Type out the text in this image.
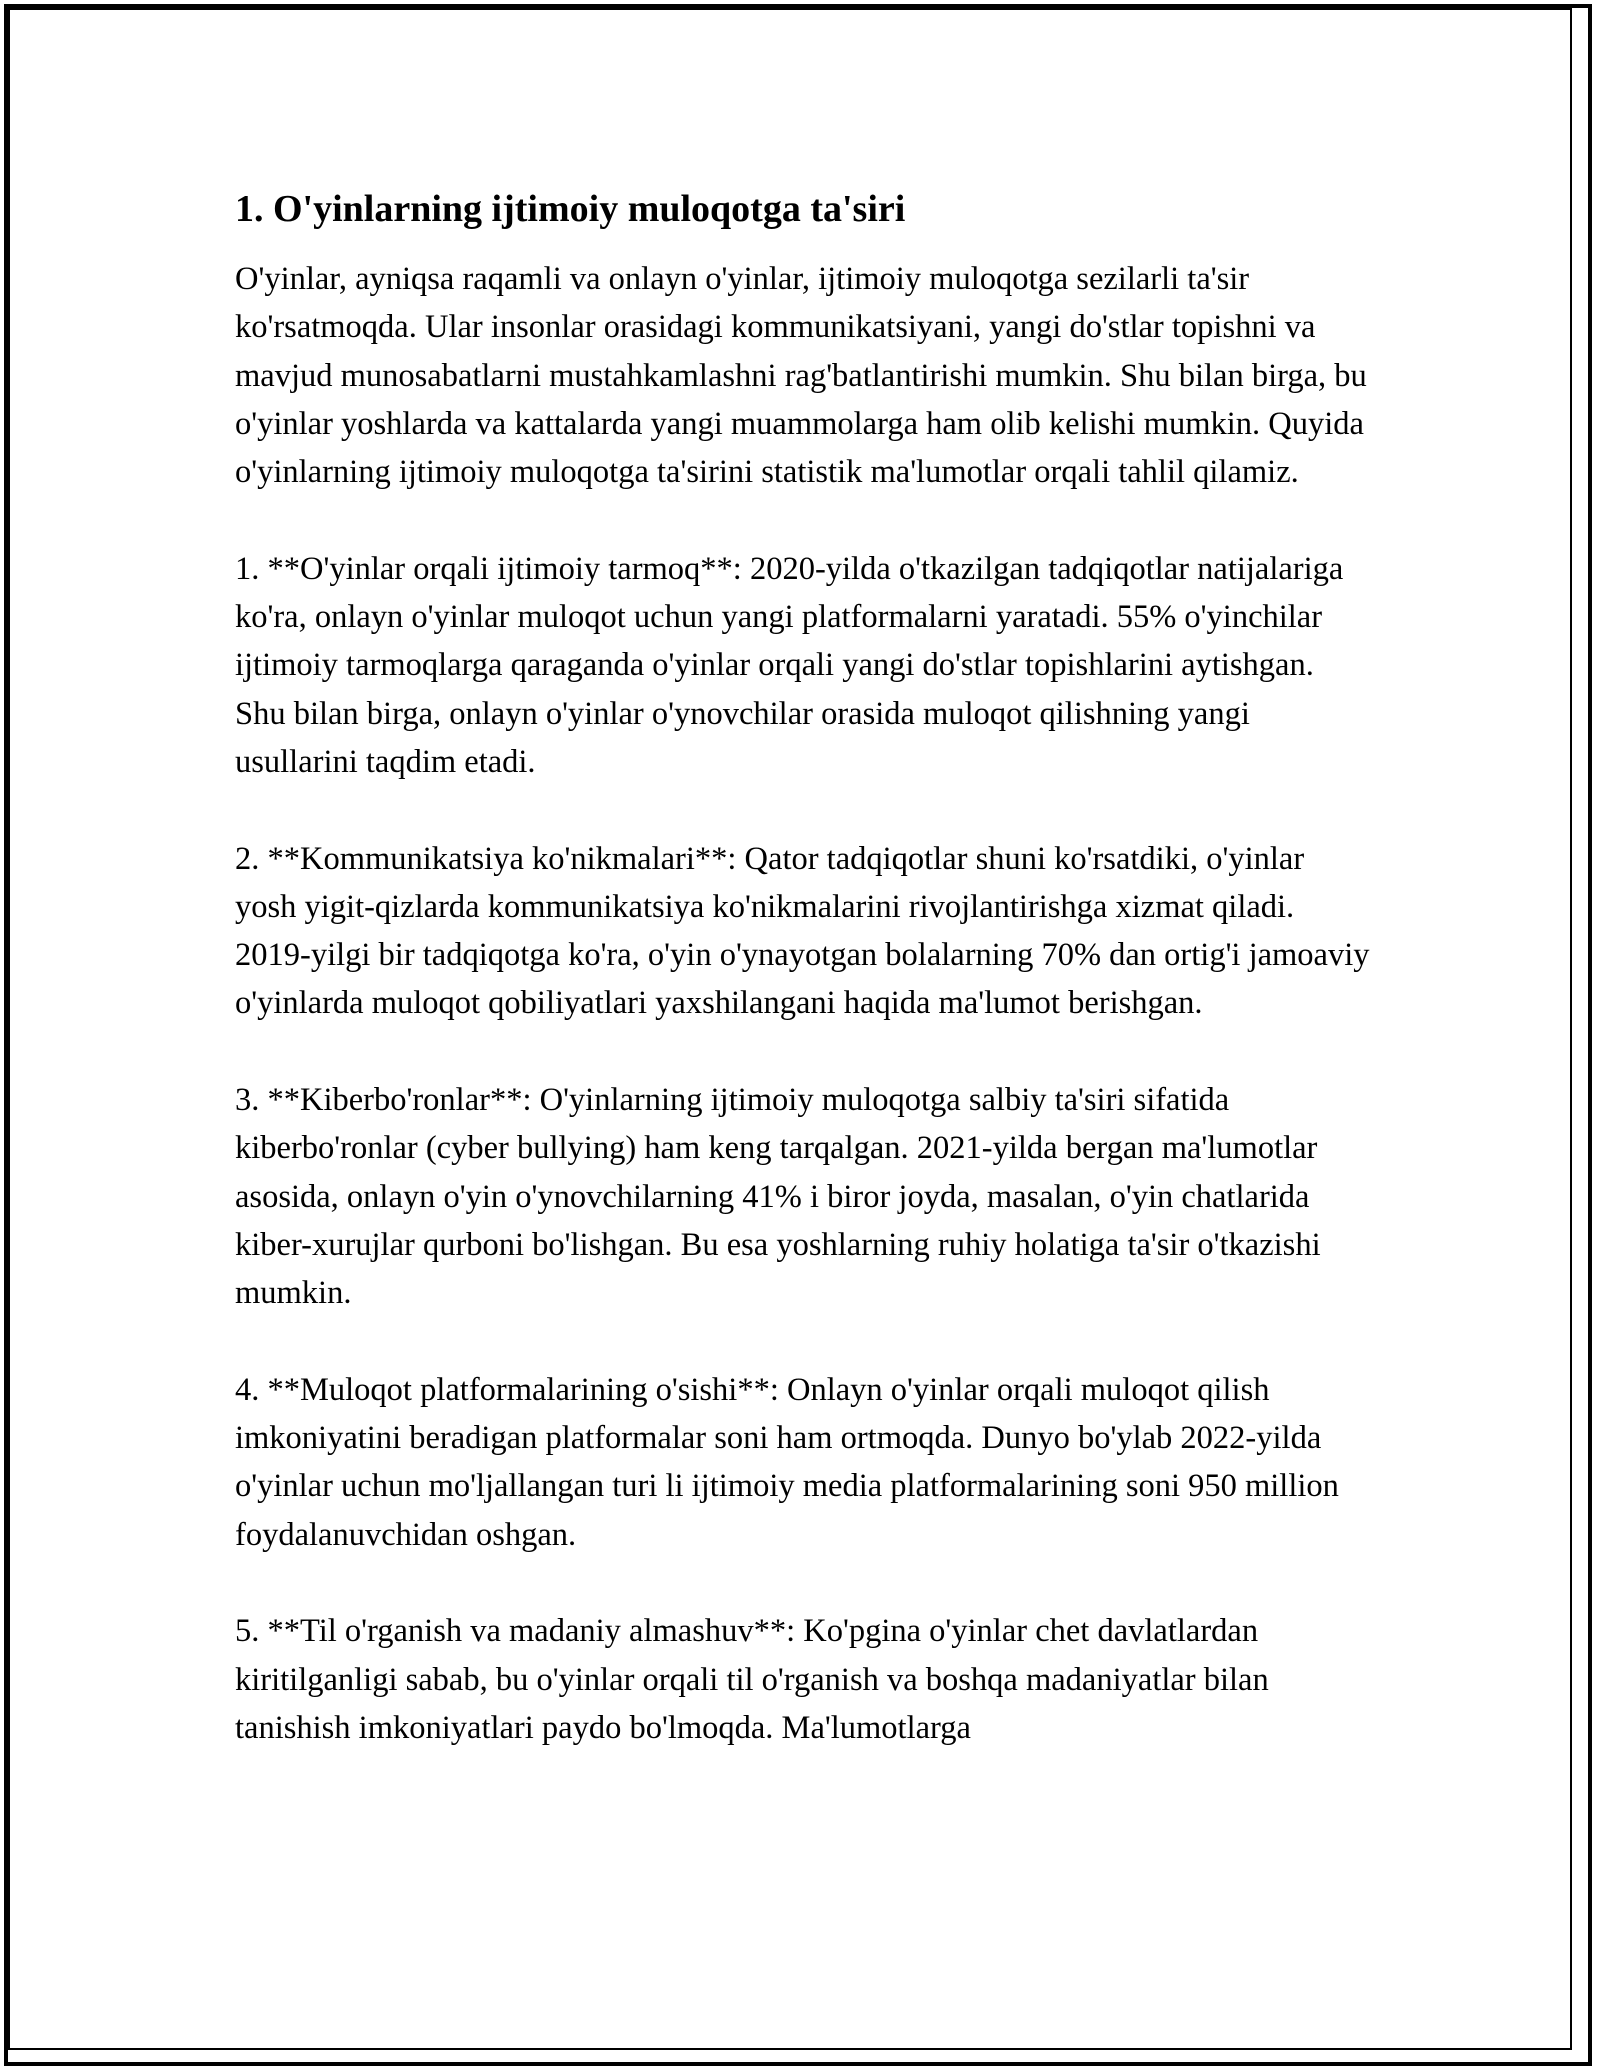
1. O'yinlarning ijtimoiy muloqotga ta'siri

O'yinlar, ayniqsa raqamli va onlayn o'yinlar, ijtimoiy muloqotga sezilarli ta'sir ko'rsatmoqda. Ular insonlar orasidagi kommunikatsiyani, yangi do'stlar topishni va mavjud munosabatlarni mustahkamlashni rag'batlantirishi mumkin. Shu bilan birga, bu o'yinlar yoshlarda va kattalarda yangi muammolarga ham olib kelishi mumkin. Quyida o'yinlarning ijtimoiy muloqotga ta'sirini statistik ma'lumotlar orqali tahlil qilamiz.

1. **O'yinlar orqali ijtimoiy tarmoq**: 2020-yilda o'tkazilgan tadqiqotlar natijalariga ko'ra, onlayn o'yinlar muloqot uchun yangi platformalarni yaratadi. 55% o'yinchilar ijtimoiy tarmoqlarga qaraganda o'yinlar orqali yangi do'stlar topishlarini aytishgan. Shu bilan birga, onlayn o'yinlar o'ynovchilar orasida muloqot qilishning yangi usullarini taqdim etadi.

2. **Kommunikatsiya ko'nikmalari**: Qator tadqiqotlar shuni ko'rsatdiki, o'yinlar yosh yigit-qizlarda kommunikatsiya ko'nikmalarini rivojlantirishga xizmat qiladi. 2019-yilgi bir tadqiqotga ko'ra, o'yin o'ynayotgan bolalarning 70% dan ortig'i jamoaviy o'yinlarda muloqot qobiliyatlari yaxshilangani haqida ma'lumot berishgan.

3. **Kiberbo'ronlar**: O'yinlarning ijtimoiy muloqotga salbiy ta'siri sifatida kiberbo'ronlar (cyber bullying) ham keng tarqalgan. 2021-yilda bergan ma'lumotlar asosida, onlayn o'yin o'ynovchilarning 41% i biror joyda, masalan, o'yin chatlarida kiber-xurujlar qurboni bo'lishgan. Bu esa yoshlarning ruhiy holatiga ta'sir o'tkazishi mumkin.

4. **Muloqot platformalarining o'sishi**: Onlayn o'yinlar orqali muloqot qilish imkoniyatini beradigan platformalar soni ham ortmoqda. Dunyo bo'ylab 2022-yilda o'yinlar uchun mo'ljallangan turi li ijtimoiy media platformalarining soni 950 million foydalanuvchidan oshgan.

5. **Til o'rganish va madaniy almashuv**: Ko'pgina o'yinlar chet davlatlardan kiritilganligi sabab, bu o'yinlar orqali til o'rganish va boshqa madaniyatlar bilan tanishish imkoniyatlari paydo bo'lmoqda. Ma'lumotlarga
